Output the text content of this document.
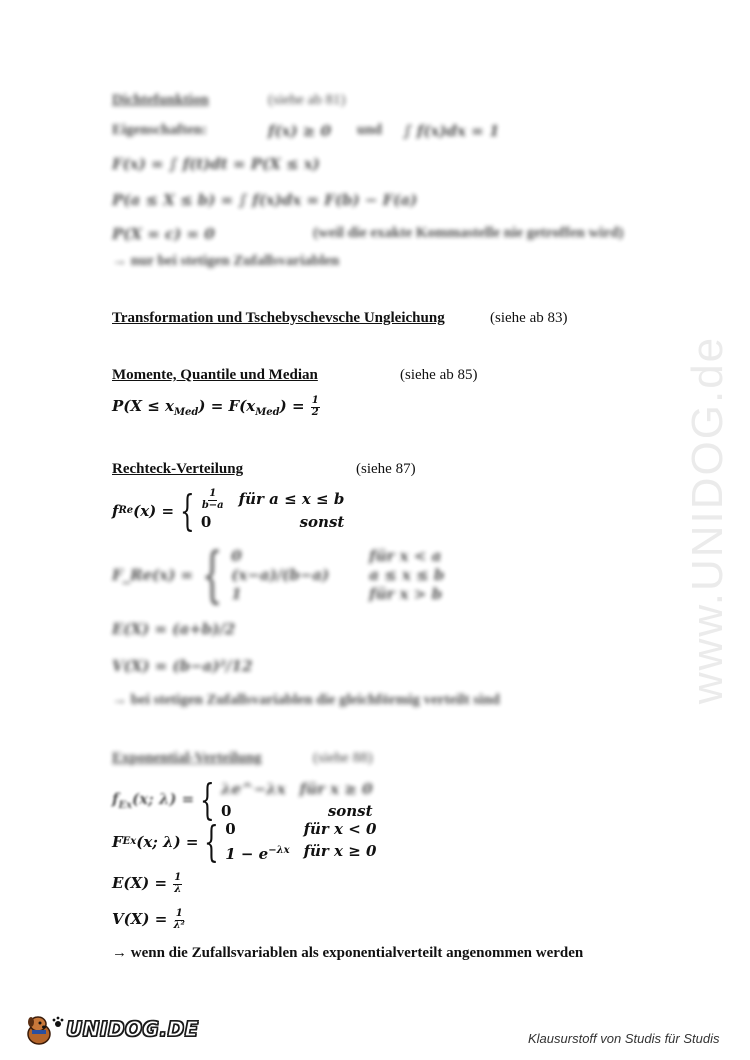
www.UNIDOG.de
Dichtefunktion	(siehe ab 81)
Eigenschaften:	f(x) ≥ 0 und ∫ f(x)dx = 1
F(x) = ∫ f(t)dt = P(X ≤ x)
P(a ≤ X ≤ b) = ∫ f(x)dx = F(b) − F(a)
P(X = c) = 0	(weil die exakte Kommastelle nie getroffen wird)
→ nur bei stetigen Zufallsvariablen
Transformation und Tschebyschevsche Ungleichung	(siehe ab 83)
Momente, Quantile und Median	(siehe ab 85)
$P(X \le x_{Med}) = F(x_{Med}) = \frac{1}{2}$
Rechteck-Verteilung	(siehe 87)
f Re (x) = { $\frac{1}{b-a}$ für a ≤ x ≤ b
0	sonst
F_Re(x) = { 0	für x < a
(x−a)/(b−a)	a ≤ x ≤ b
1	für x > b
E(X) = (a+b)/2
V(X) = (b−a)²/12
→ bei stetigen Zufallsvariablen die gleichförmig verteilt sind
Exponential-Verteilung	(siehe 88)
$f_{Ex}(x$; λ) = { λe^−λx für x ≥ 0
0	sonst
F Ex (x; λ) = { 0	für x < 0
$1 - e^{-\lambda x}$ für x ≥ 0
$E(X) = \frac{1}{\lambda}$
$V(X) = \frac{1}{\text{λ²}}$
→ wenn die Zufallsvariablen als exponentialverteilt angenommen werden
UNIDOG.DE	Klausurstoff von Studis für Studis
